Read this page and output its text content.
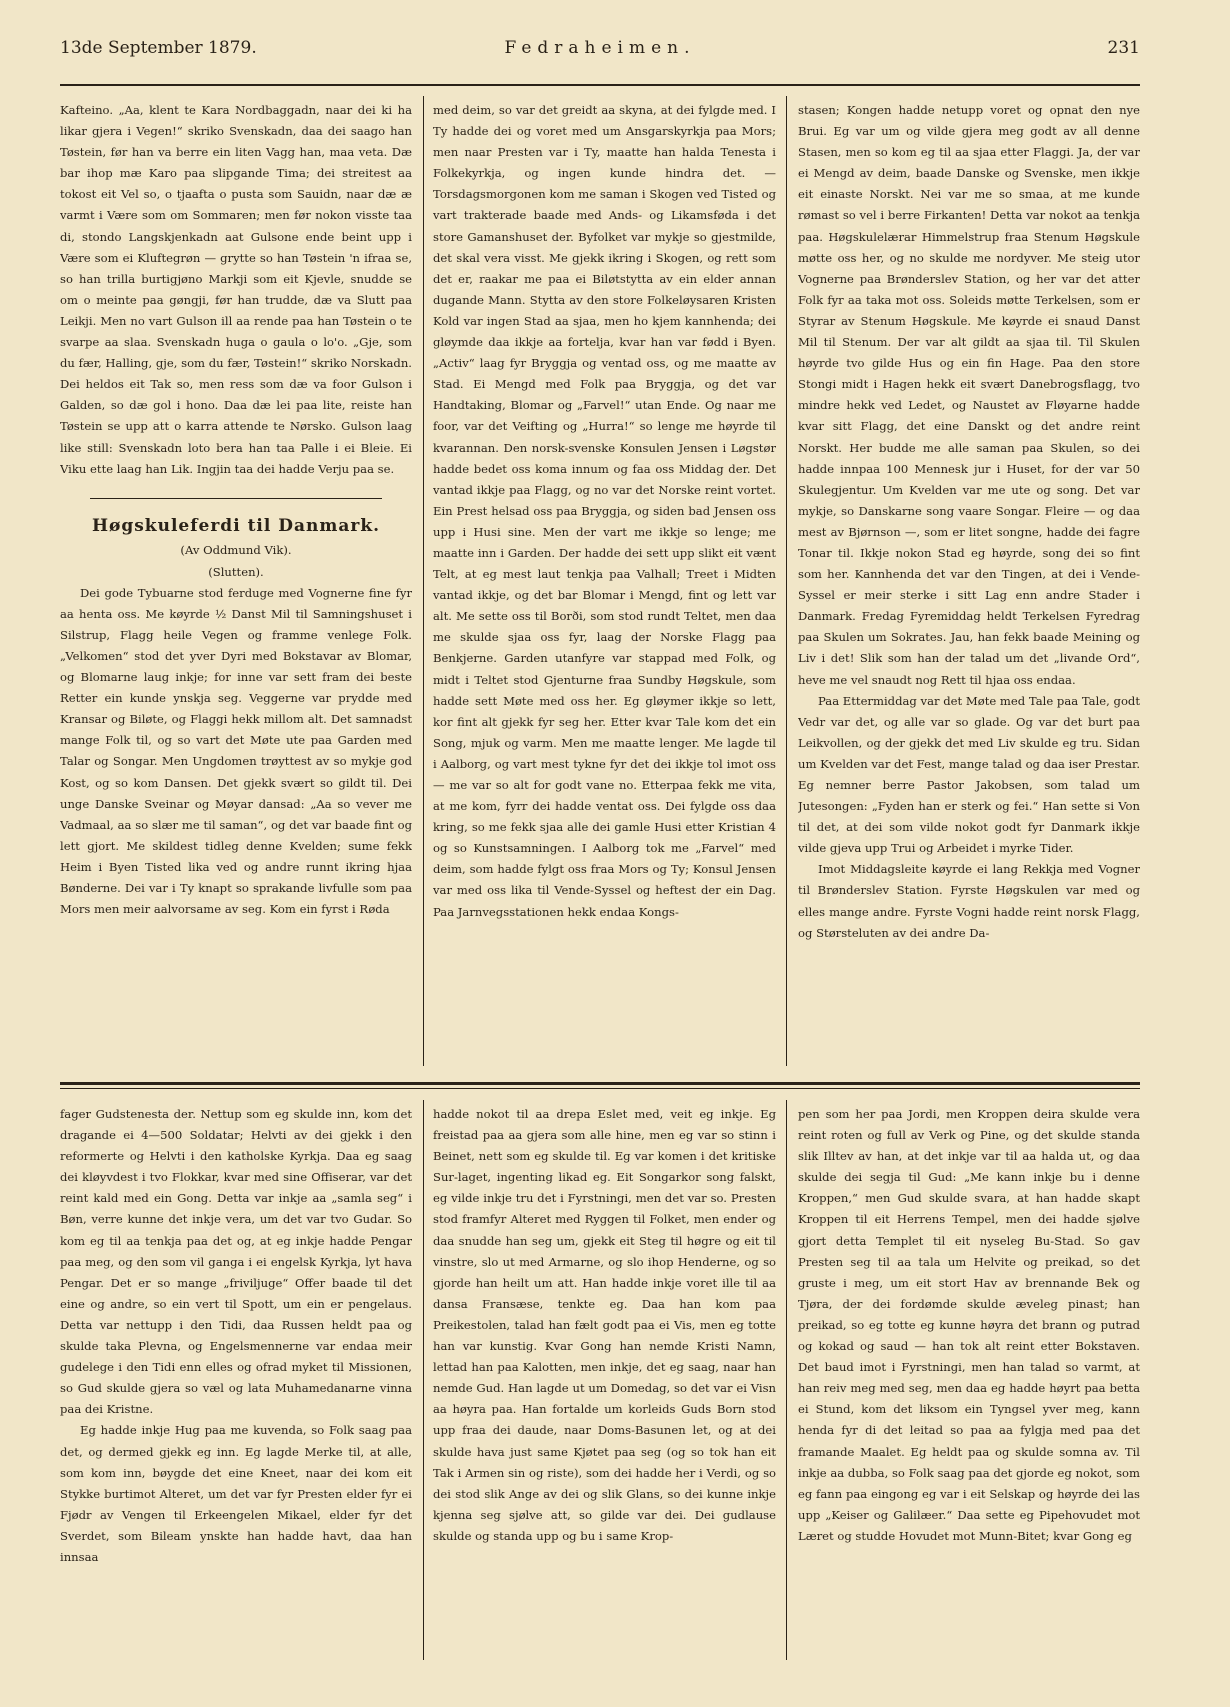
13de September 1879.	Fedraheimen.	231

Kafteino. „Aa, klent te Kara Nordbaggadn, naar dei ki ha likar gjera i Vegen!“ skriko Svenskadn, daa dei saago han Tøstein, før han va berre ein liten Vagg han, maa veta. Dæ bar ihop mæ Karo paa slipgande Tima; dei streitest aa tokost eit Vel so, o tjaafta o pusta som Sauidn, naar dæ æ varmt i Være som om Sommaren; men før nokon visste taa di, stondo Langskjenkadn aat Gulsone ende beint upp i Være som ei Kluftegrøn — grytte so han Tøstein 'n ifraa se, so han trilla burtigjøno Markji som eit Kjevle, snudde se om o meinte paa gøngji, før han trudde, dæ va Slutt paa Leikji. Men no vart Gulson ill aa rende paa han Tøstein o te svarpe aa slaa. Svenskadn huga o gaula o lo'o. „Gje, som du fær, Halling, gje, som du fær, Tøstein!“ skriko Norskadn. Dei heldos eit Tak so, men ress som dæ va foor Gulson i Galden, so dæ gol i hono. Daa dæ lei paa lite, reiste han Tøstein se upp att o karra attende te Nørsko. Gulson laag like still: Svenskadn loto bera han taa Palle i ei Bleie. Ei Viku ette laag han Lik. Ingjin taa dei hadde Verju paa se.

Høgskuleferdi til Danmark.
(Av Oddmund Vik).
(Slutten).

Dei gode Tybuarne stod ferduge med Vognerne fine fyr aa henta oss. Me køyrde ½ Danst Mil til Samningshuset i Silstrup, Flagg heile Vegen og framme venlege Folk. „Velkomen“ stod det yver Dyri med Bokstavar av Blomar, og Blomarne laug inkje; for inne var sett fram dei beste Retter ein kunde ynskja seg. Veggerne var prydde med Kransar og Biløte, og Flaggi hekk millom alt. Det samnadst mange Folk til, og so vart det Møte ute paa Garden med Talar og Songar. Men Ungdomen trøyttest av so mykje god Kost, og so kom Dansen. Det gjekk svært so gildt til. Dei unge Danske Sveinar og Møyar dansad: „Aa so vever me Vadmaal, aa so slær me til saman“, og det var baade fint og lett gjort. Me skildest tidleg denne Kvelden; sume fekk Heim i Byen Tisted lika ved og andre runnt ikring hjaa Bønderne. Dei var i Ty knapt so sprakande livfulle som paa Mors men meir aalvorsame av seg. Kom ein fyrst i Røda

med deim, so var det greidt aa skyna, at dei fylgde med. I Ty hadde dei og voret med um Ansgarskyrkja paa Mors; men naar Presten var i Ty, maatte han halda Tenesta i Folkekyrkja, og ingen kunde hindra det. — Torsdagsmorgonen kom me saman i Skogen ved Tisted og vart trakterade baade med Ands- og Likamsføda i det store Gamanshuset der. Byfolket var mykje so gjestmilde, det skal vera visst. Me gjekk ikring i Skogen, og rett som det er, raakar me paa ei Biløtstytta av ein elder annan dugande Mann. Stytta av den store Folkeløysaren Kristen Kold var ingen Stad aa sjaa, men ho kjem kannhenda; dei gløymde daa ikkje aa fortelja, kvar han var fødd i Byen. „Activ“ laag fyr Bryggja og ventad oss, og me maatte av Stad. Ei Mengd med Folk paa Bryggja, og det var Handtaking, Blomar og „Farvel!“ utan Ende. Og naar me foor, var det Veifting og „Hurra!“ so lenge me høyrde til kvarannan. Den norsk-svenske Konsulen Jensen i Løgstør hadde bedet oss koma innum og faa oss Middag der. Det vantad ikkje paa Flagg, og no var det Norske reint vortet. Ein Prest helsad oss paa Bryggja, og siden bad Jensen oss upp i Husi sine. Men der vart me ikkje so lenge; me maatte inn i Garden. Der hadde dei sett upp slikt eit vænt Telt, at eg mest laut tenkja paa Valhall; Treet i Midten vantad ikkje, og det bar Blomar i Mengd, fint og lett var alt. Me sette oss til Borði, som stod rundt Teltet, men daa me skulde sjaa oss fyr, laag der Norske Flagg paa Benkjerne. Garden utanfyre var stappad med Folk, og midt i Teltet stod Gjenturne fraa Sundby Høgskule, som hadde sett Møte med oss her. Eg gløymer ikkje so lett, kor fint alt gjekk fyr seg her. Etter kvar Tale kom det ein Song, mjuk og varm. Men me maatte lenger. Me lagde til i Aalborg, og vart mest tykne fyr det dei ikkje tol imot oss — me var so alt for godt vane no. Etterpaa fekk me vita, at me kom, fyrr dei hadde ventat oss. Dei fylgde oss daa kring, so me fekk sjaa alle dei gamle Husi etter Kristian 4 og so Kunstsamningen. I Aalborg tok me „Farvel“ med deim, som hadde fylgt oss fraa Mors og Ty; Konsul Jensen var med oss lika til Vende-Syssel og heftest der ein Dag. Paa Jarnvegsstationen hekk endaa Kongs-

stasen; Kongen hadde netupp voret og opnat den nye Brui. Eg var um og vilde gjera meg godt av all denne Stasen, men so kom eg til aa sjaa etter Flaggi. Ja, der var ei Mengd av deim, baade Danske og Svenske, men ikkje eit einaste Norskt. Nei var me so smaa, at me kunde rømast so vel i berre Firkanten! Detta var nokot aa tenkja paa. Høgskulelærar Himmelstrup fraa Stenum Høgskule møtte oss her, og no skulde me nordyver. Me steig utor Vognerne paa Brønderslev Station, og her var det atter Folk fyr aa taka mot oss. Soleids møtte Terkelsen, som er Styrar av Stenum Høgskule. Me køyrde ei snaud Danst Mil til Stenum. Der var alt gildt aa sjaa til. Til Skulen høyrde tvo gilde Hus og ein fin Hage. Paa den store Stongi midt i Hagen hekk eit svært Danebrogsflagg, tvo mindre hekk ved Ledet, og Naustet av Fløyarne hadde kvar sitt Flagg, det eine Danskt og det andre reint Norskt. Her budde me alle saman paa Skulen, so dei hadde innpaa 100 Mennesk jur i Huset, for der var 50 Skulegjentur. Um Kvelden var me ute og song. Det var mykje, so Danskarne song vaare Songar. Fleire — og daa mest av Bjørnson —, som er litet songne, hadde dei fagre Tonar til. Ikkje nokon Stad eg høyrde, song dei so fint som her. Kannhenda det var den Tingen, at dei i Vende-Syssel er meir sterke i sitt Lag enn andre Stader i Danmark. Fredag Fyremiddag heldt Terkelsen Fyredrag paa Skulen um Sokrates. Jau, han fekk baade Meining og Liv i det! Slik som han der talad um det „livande Ord“, heve me vel snaudt nog Rett til hjaa oss endaa.

Paa Ettermiddag var det Møte med Tale paa Tale, godt Vedr var det, og alle var so glade. Og var det burt paa Leikvollen, og der gjekk det med Liv skulde eg tru. Sidan um Kvelden var det Fest, mange talad og daa iser Prestar. Eg nemner berre Pastor Jakobsen, som talad um Jutesongen: „Fyden han er sterk og fei.“ Han sette si Von til det, at dei som vilde nokot godt fyr Danmark ikkje vilde gjeva upp Trui og Arbeidet i myrke Tider.

Imot Middagsleite køyrde ei lang Rekkja med Vogner til Brønderslev Station. Fyrste Høgskulen var med og elles mange andre. Fyrste Vogni hadde reint norsk Flagg, og Størsteluten av dei andre Da-

fager Gudstenesta der. Nettup som eg skulde inn, kom det dragande ei 4—500 Soldatar; Helvti av dei gjekk i den reformerte og Helvti i den katholske Kyrkja. Daa eg saag dei kløyvdest i tvo Flokkar, kvar med sine Offiserar, var det reint kald med ein Gong. Detta var inkje aa „samla seg“ i Bøn, verre kunne det inkje vera, um det var tvo Gudar. So kom eg til aa tenkja paa det og, at eg inkje hadde Pengar paa meg, og den som vil ganga i ei engelsk Kyrkja, lyt hava Pengar. Det er so mange „friviljuge“ Offer baade til det eine og andre, so ein vert til Spott, um ein er pengelaus. Detta var nettupp i den Tidi, daa Russen heldt paa og skulde taka Plevna, og Engelsmennerne var endaa meir gudelege i den Tidi enn elles og ofrad myket til Missionen, so Gud skulde gjera so væl og lata Muhamedanarne vinna paa dei Kristne.

Eg hadde inkje Hug paa me kuvenda, so Folk saag paa det, og dermed gjekk eg inn. Eg lagde Merke til, at alle, som kom inn, bøygde det eine Kneet, naar dei kom eit Stykke burtimot Alteret, um det var fyr Presten elder fyr ei Fjødr av Vengen til Erkeengelen Mikael, elder fyr det Sverdet, som Bileam ynskte han hadde havt, daa han innsaa

hadde nokot til aa drepa Eslet med, veit eg inkje. Eg freistad paa aa gjera som alle hine, men eg var so stinn i Beinet, nett som eg skulde til. Eg var komen i det kritiske Sur-laget, ingenting likad eg. Eit Songarkor song falskt, eg vilde inkje tru det i Fyrstningi, men det var so. Presten stod framfyr Alteret med Ryggen til Folket, men ender og daa snudde han seg um, gjekk eit Steg til høgre og eit til vinstre, slo ut med Armarne, og slo ihop Henderne, og so gjorde han heilt um att. Han hadde inkje voret ille til aa dansa Fransæse, tenkte eg. Daa han kom paa Preikestolen, talad han fælt godt paa ei Vis, men eg totte han var kunstig. Kvar Gong han nemde Kristi Namn, lettad han paa Kalotten, men inkje, det eg saag, naar han nemde Gud. Han lagde ut um Domedag, so det var ei Visn aa høyra paa. Han fortalde um korleids Guds Born stod upp fraa dei daude, naar Doms-Basunen let, og at dei skulde hava just same Kjøtet paa seg (og so tok han eit Tak i Armen sin og riste), som dei hadde her i Verdi, og so dei stod slik Ange av dei og slik Glans, so dei kunne inkje kjenna seg sjølve att, so gilde var dei. Dei gudlause skulde og standa upp og bu i same Krop-

pen som her paa Jordi, men Kroppen deira skulde vera reint roten og full av Verk og Pine, og det skulde standa slik Illtev av han, at det inkje var til aa halda ut, og daa skulde dei segja til Gud: „Me kann inkje bu i denne Kroppen,“ men Gud skulde svara, at han hadde skapt Kroppen til eit Herrens Tempel, men dei hadde sjølve gjort detta Templet til eit nyseleg Bu-Stad. So gav Presten seg til aa tala um Helvite og preikad, so det gruste i meg, um eit stort Hav av brennande Bek og Tjøra, der dei fordømde skulde æveleg pinast; han preikad, so eg totte eg kunne høyra det brann og putrad og kokad og saud — han tok alt reint etter Bokstaven. Det baud imot i Fyrstningi, men han talad so varmt, at han reiv meg med seg, men daa eg hadde høyrt paa betta ei Stund, kom det liksom ein Tyngsel yver meg, kann henda fyr di det leitad so paa aa fylgja med paa det framande Maalet. Eg heldt paa og skulde somna av. Til inkje aa dubba, so Folk saag paa det gjorde eg nokot, som eg fann paa eingong eg var i eit Selskap og høyrde dei las upp „Keiser og Galilæer.“ Daa sette eg Pipehovudet mot Læret og studde Hovudet mot Munn-Bitet; kvar Gong eg
